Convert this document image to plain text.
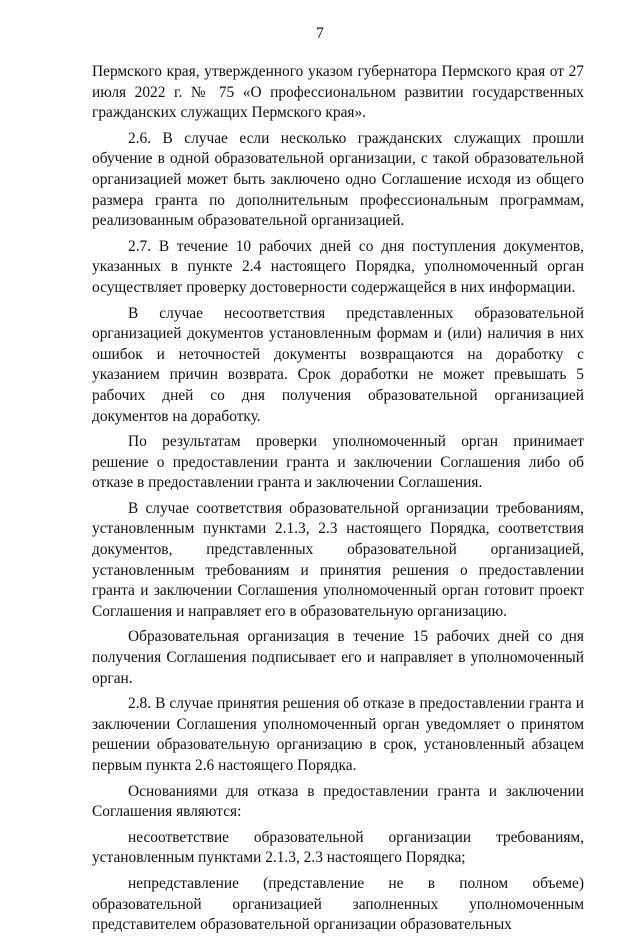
7

Пермского края, утвержденного указом губернатора Пермского края от 27 июля 2022 г. № 75 «О профессиональном развитии государственных гражданских служащих Пермского края».

2.6. В случае если несколько гражданских служащих прошли обучение в одной образовательной организации, с такой образовательной организацией может быть заключено одно Соглашение исходя из общего размера гранта по дополнительным профессиональным программам, реализованным образовательной организацией.

2.7. В течение 10 рабочих дней со дня поступления документов, указанных в пункте 2.4 настоящего Порядка, уполномоченный орган осуществляет проверку достоверности содержащейся в них информации.

В случае несоответствия представленных образовательной организацией документов установленным формам и (или) наличия в них ошибок и неточностей документы возвращаются на доработку с указанием причин возврата. Срок доработки не может превышать 5 рабочих дней со дня получения образовательной организацией документов на доработку.

По результатам проверки уполномоченный орган принимает решение о предоставлении гранта и заключении Соглашения либо об отказе в предоставлении гранта и заключении Соглашения.

В случае соответствия образовательной организации требованиям, установленным пунктами 2.1.3, 2.3 настоящего Порядка, соответствия документов, представленных образовательной организацией, установленным требованиям и принятия решения о предоставлении гранта и заключении Соглашения уполномоченный орган готовит проект Соглашения и направляет его в образовательную организацию.

Образовательная организация в течение 15 рабочих дней со дня получения Соглашения подписывает его и направляет в уполномоченный орган.

2.8. В случае принятия решения об отказе в предоставлении гранта и заключении Соглашения уполномоченный орган уведомляет о принятом решении образовательную организацию в срок, установленный абзацем первым пункта 2.6 настоящего Порядка.

Основаниями для отказа в предоставлении гранта и заключении Соглашения являются:

несоответствие образовательной организации требованиям, установленным пунктами 2.1.3, 2.3 настоящего Порядка;

непредставление (представление не в полном объеме) образовательной организацией заполненных уполномоченным представителем образовательной организации образовательных
